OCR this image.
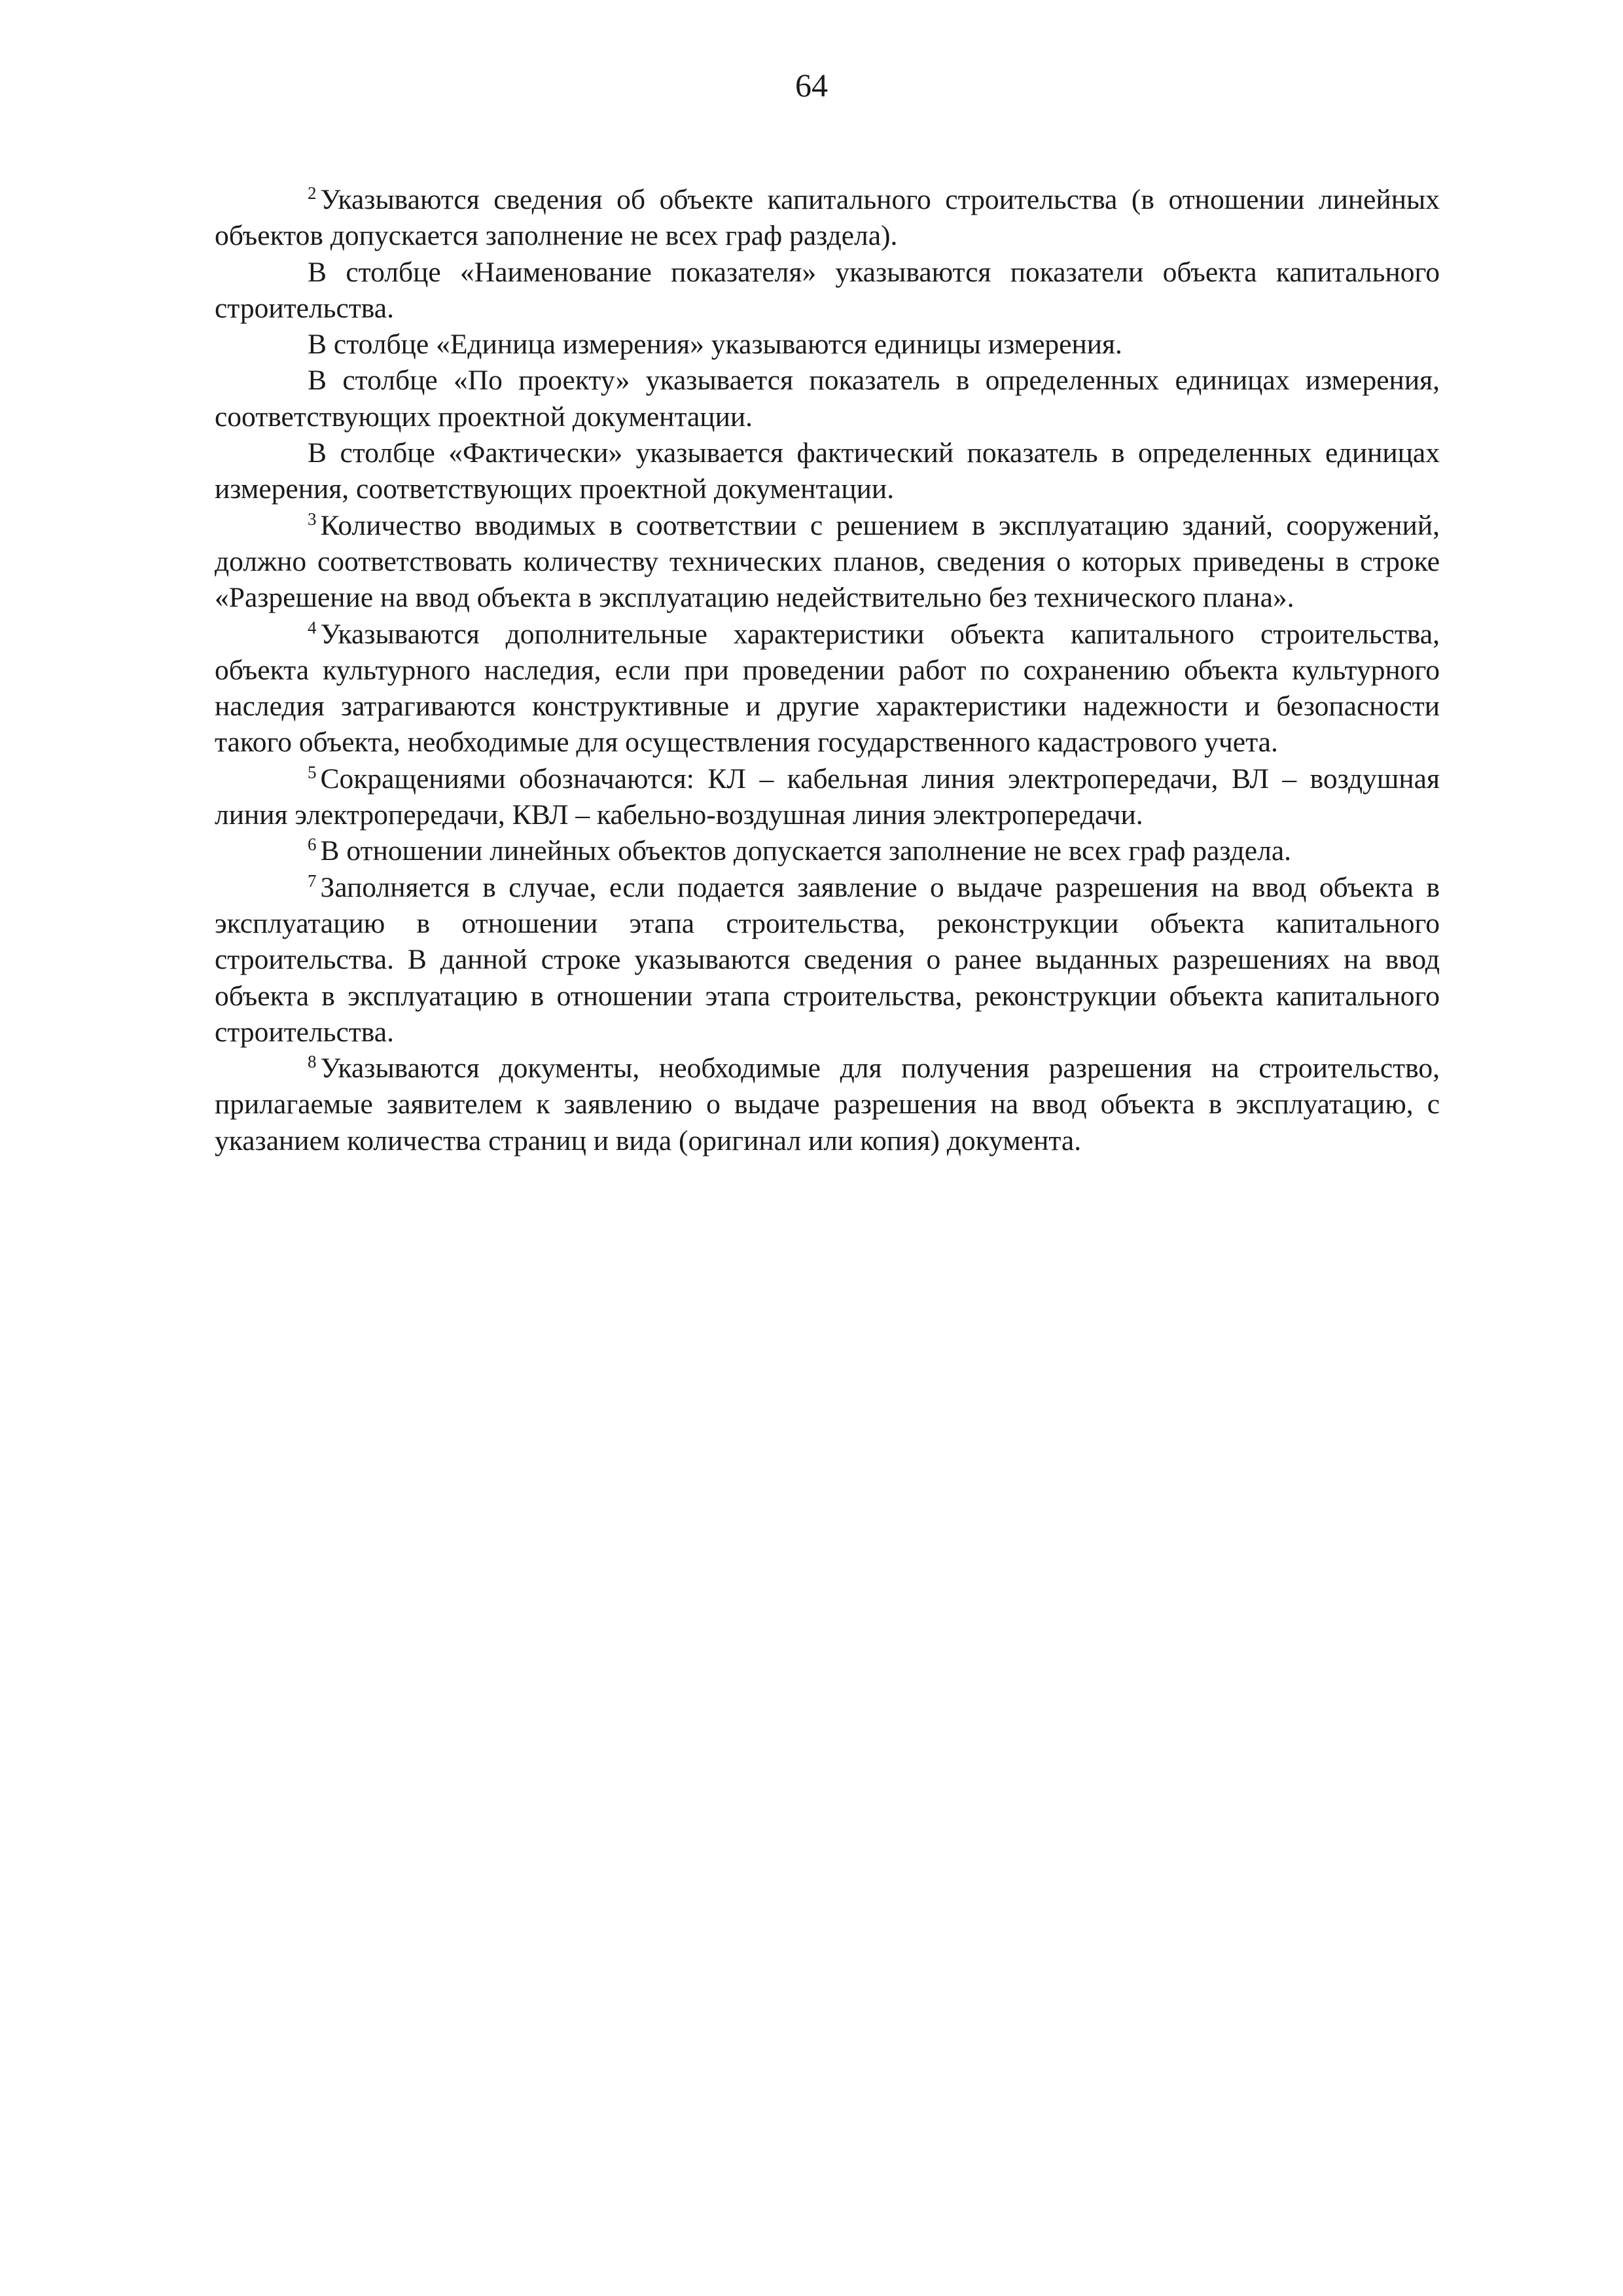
64

$^2$ Указываются сведения об объекте капитального строительства (в отношении линейных объектов допускается заполнение не всех граф раздела).

В столбце «Наименование показателя» указываются показатели объекта капитального строительства.

В столбце «Единица измерения» указываются единицы измерения.

В столбце «По проекту» указывается показатель в определенных единицах измерения, соответствующих проектной документации.

В столбце «Фактически» указывается фактический показатель в определенных единицах измерения, соответствующих проектной документации.

$^3$ Количество вводимых в соответствии с решением в эксплуатацию зданий, сооружений, должно соответствовать количеству технических планов, сведения о которых приведены в строке «Разрешение на ввод объекта в эксплуатацию недействительно без технического плана».

$^4$ Указываются дополнительные характеристики объекта капитального строительства, объекта культурного наследия, если при проведении работ по сохранению объекта культурного наследия затрагиваются конструктивные и другие характеристики надежности и безопасности такого объекта, необходимые для осуществления государственного кадастрового учета.

$^5$ Сокращениями обозначаются: КЛ – кабельная линия электропередачи, ВЛ – воздушная линия электропередачи, КВЛ – кабельно-воздушная линия электропередачи.

$^6$ В отношении линейных объектов допускается заполнение не всех граф раздела.

$^7$ Заполняется в случае, если подается заявление о выдаче разрешения на ввод объекта в эксплуатацию в отношении этапа строительства, реконструкции объекта капитального строительства. В данной строке указываются сведения о ранее выданных разрешениях на ввод объекта в эксплуатацию в отношении этапа строительства, реконструкции объекта капитального строительства.

$^8$ Указываются документы, необходимые для получения разрешения на строительство, прилагаемые заявителем к заявлению о выдаче разрешения на ввод объекта в эксплуатацию, с указанием количества страниц и вида (оригинал или копия) документа.
